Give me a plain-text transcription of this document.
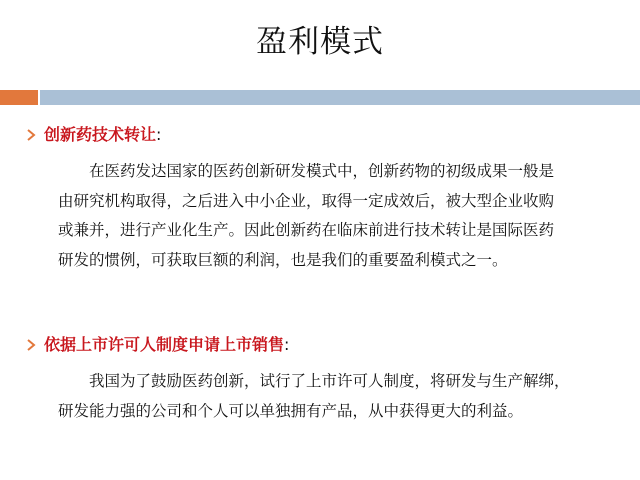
盈利模式
创新药技术转让:

在医药发达国家的医药创新研发模式中，创新药物的初级成果一般是

由研究机构取得，之后进入中小企业，取得一定成效后，被大型企业收购

或兼并，进行产业化生产。因此创新药在临床前进行技术转让是国际医药

研发的惯例，可获取巨额的利润，也是我们的重要盈利模式之一。

依据上市许可人制度申请上市销售:

我国为了鼓励医药创新，试行了上市许可人制度，将研发与生产解绑，

研发能力强的公司和个人可以单独拥有产品，从中获得更大的利益。
